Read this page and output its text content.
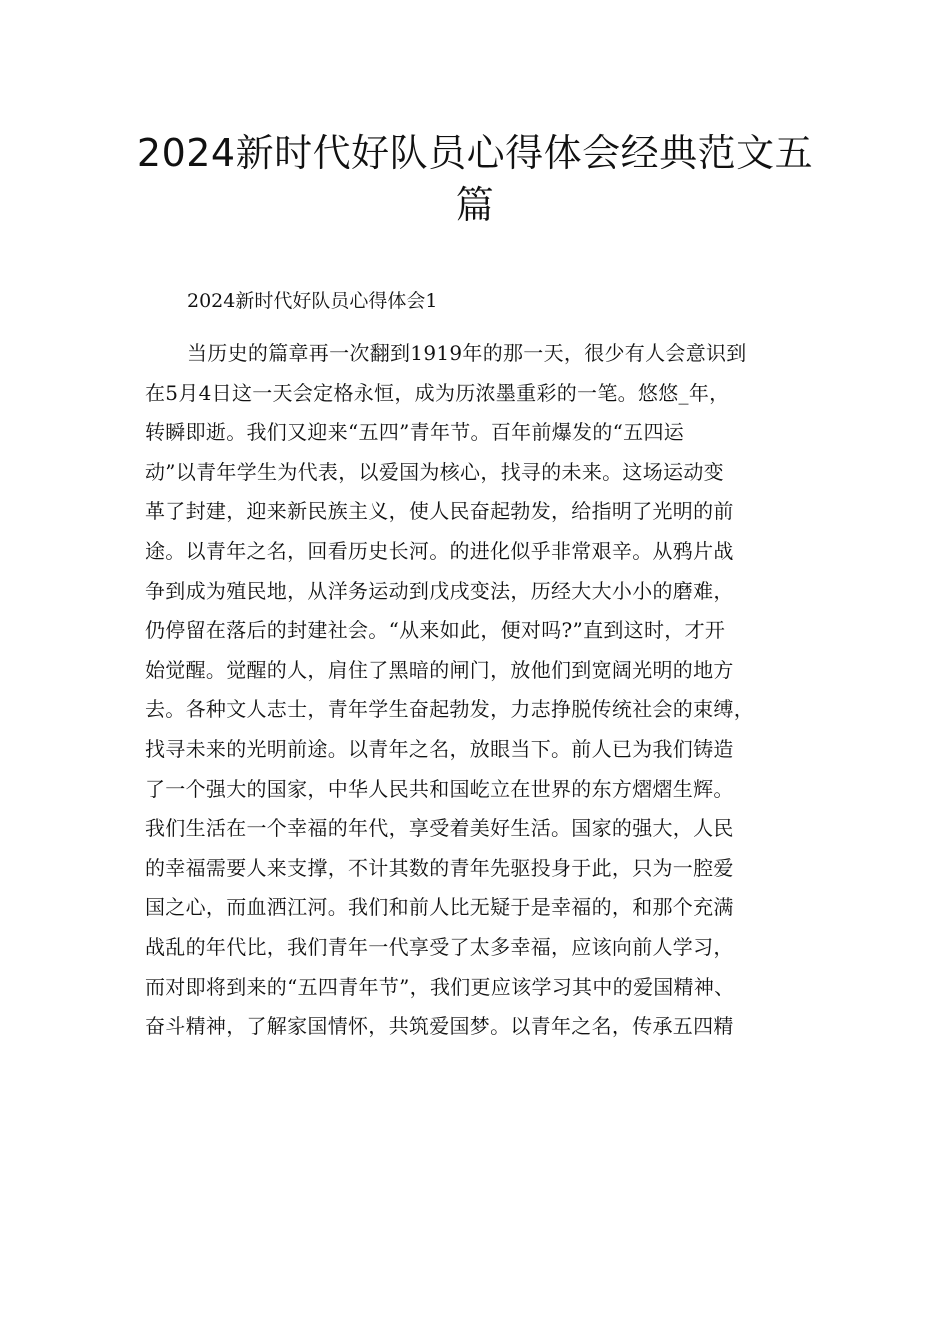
2024新时代好队员心得体会经典范文五篇

2024新时代好队员心得体会1

当历史的篇章再一次翻到1919年的那一天，很少有人会意识到
在5月4日这一天会定格永恒，成为历浓墨重彩的一笔。悠悠_年，
转瞬即逝。我们又迎来“五四”青年节。百年前爆发的“五四运
动”以青年学生为代表，以爱国为核心，找寻的未来。这场运动变
革了封建，迎来新民族主义，使人民奋起勃发，给指明了光明的前
途。以青年之名，回看历史长河。的进化似乎非常艰辛。从鸦片战
争到成为殖民地，从洋务运动到戊戌变法，历经大大小小的磨难，
仍停留在落后的封建社会。“从来如此，便对吗?”直到这时，才开
始觉醒。觉醒的人，肩住了黑暗的闸门，放他们到宽阔光明的地方
去。各种文人志士，青年学生奋起勃发，力志挣脱传统社会的束缚，
找寻未来的光明前途。以青年之名，放眼当下。前人已为我们铸造
了一个强大的国家，中华人民共和国屹立在世界的东方熠熠生辉。
我们生活在一个幸福的年代，享受着美好生活。国家的强大，人民
的幸福需要人来支撑，不计其数的青年先驱投身于此，只为一腔爱
国之心，而血洒江河。我们和前人比无疑于是幸福的，和那个充满
战乱的年代比，我们青年一代享受了太多幸福，应该向前人学习，
而对即将到来的“五四青年节”，我们更应该学习其中的爱国精神、
奋斗精神，了解家国情怀，共筑爱国梦。以青年之名，传承五四精
